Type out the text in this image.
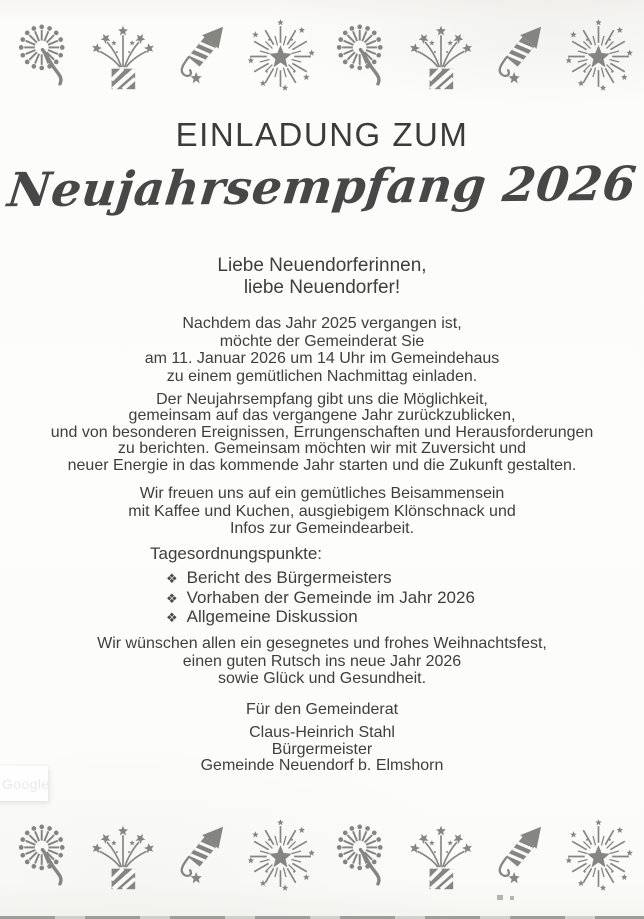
EINLADUNG ZUM
Neujahrsempfang 2026
Liebe Neuendorferinnen,
liebe Neuendorfer!
Nachdem das Jahr 2025 vergangen ist,
möchte der Gemeinderat Sie
am 11. Januar 2026 um 14 Uhr im Gemeindehaus
zu einem gemütlichen Nachmittag einladen.
Der Neujahrsempfang gibt uns die Möglichkeit,
gemeinsam auf das vergangene Jahr zurückzublicken,
und von besonderen Ereignissen, Errungenschaften und Herausforderungen
zu berichten. Gemeinsam möchten wir mit Zuversicht und
neuer Energie in das kommende Jahr starten und die Zukunft gestalten.
Wir freuen uns auf ein gemütliches Beisammensein
mit Kaffee und Kuchen, ausgiebigem Klönschnack und
Infos zur Gemeindearbeit.
Tagesordnungspunkte:
❖ Bericht des Bürgermeisters
❖ Vorhaben der Gemeinde im Jahr 2026
❖ Allgemeine Diskussion
Wir wünschen allen ein gesegnetes und frohes Weihnachtsfest,
einen guten Rutsch ins neue Jahr 2026
sowie Glück und Gesundheit.
Für den Gemeinderat
Claus-Heinrich Stahl
Bürgermeister
Gemeinde Neuendorf b. Elmshorn
Google
